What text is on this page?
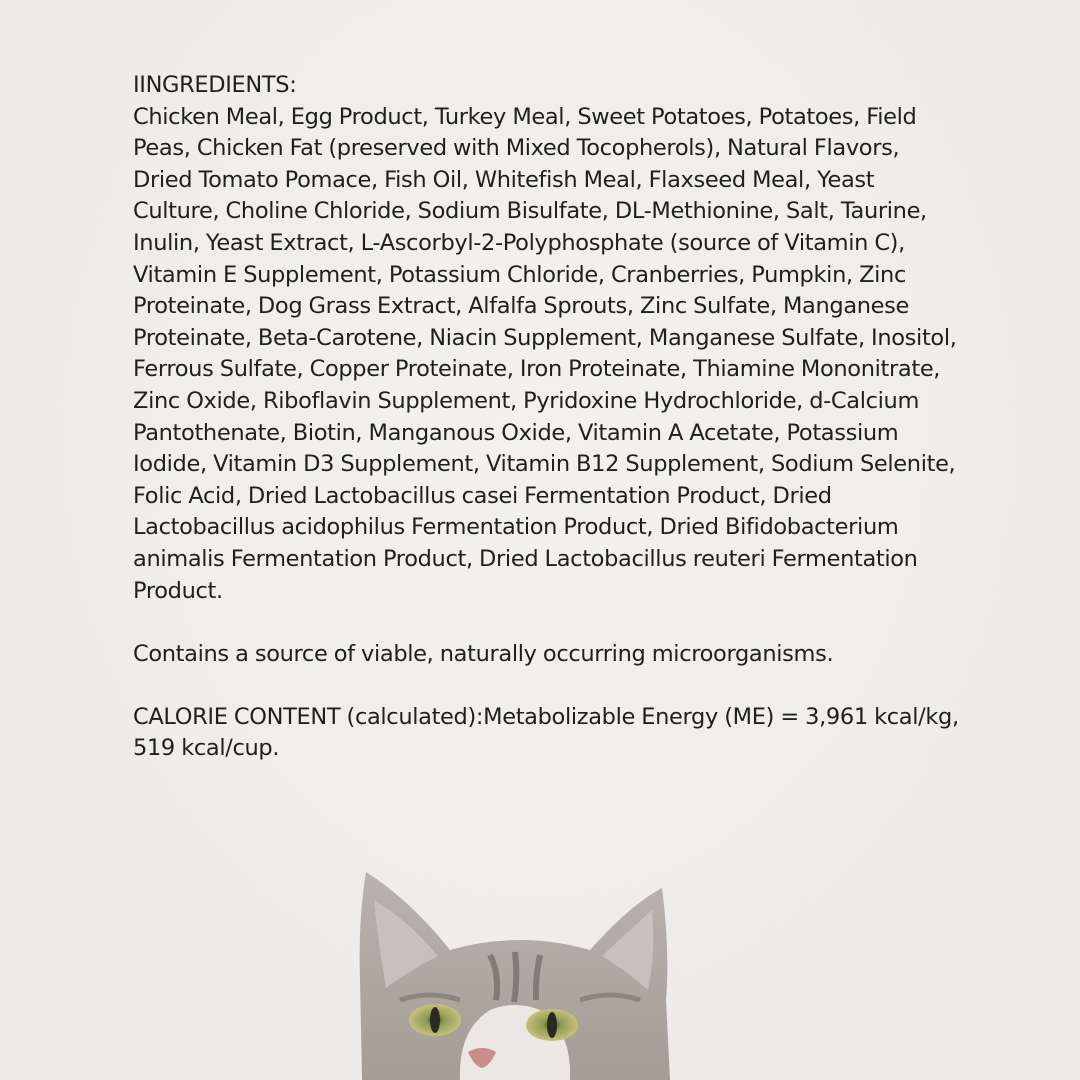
IINGREDIENTS:

Chicken Meal, Egg Product, Turkey Meal, Sweet Potatoes, Potatoes, Field Peas, Chicken Fat (preserved with Mixed Tocopherols), Natural Flavors, Dried Tomato Pomace, Fish Oil, Whitefish Meal, Flaxseed Meal, Yeast Culture, Choline Chloride, Sodium Bisulfate, DL-Methionine, Salt, Taurine, Inulin, Yeast Extract, L-Ascorbyl-2-Polyphosphate (source of Vitamin C), Vitamin E Supplement, Potassium Chloride, Cranberries, Pumpkin, Zinc Proteinate, Dog Grass Extract, Alfalfa Sprouts, Zinc Sulfate, Manganese Proteinate, Beta-Carotene, Niacin Supplement, Manganese Sulfate, Inositol, Ferrous Sulfate, Copper Proteinate, Iron Proteinate, Thiamine Mononitrate, Zinc Oxide, Riboflavin Supplement, Pyridoxine Hydrochloride, d-Calcium Pantothenate, Biotin, Manganous Oxide, Vitamin A Acetate, Potassium Iodide, Vitamin D3 Supplement, Vitamin B12 Supplement, Sodium Selenite, Folic Acid, Dried Lactobacillus casei Fermentation Product, Dried Lactobacillus acidophilus Fermentation Product, Dried Bifidobacterium animalis Fermentation Product, Dried Lactobacillus reuteri Fermentation Product.

Contains a source of viable, naturally occurring microorganisms.

CALORIE CONTENT (calculated):Metabolizable Energy (ME) = 3,961 kcal/kg, 519 kcal/cup.
